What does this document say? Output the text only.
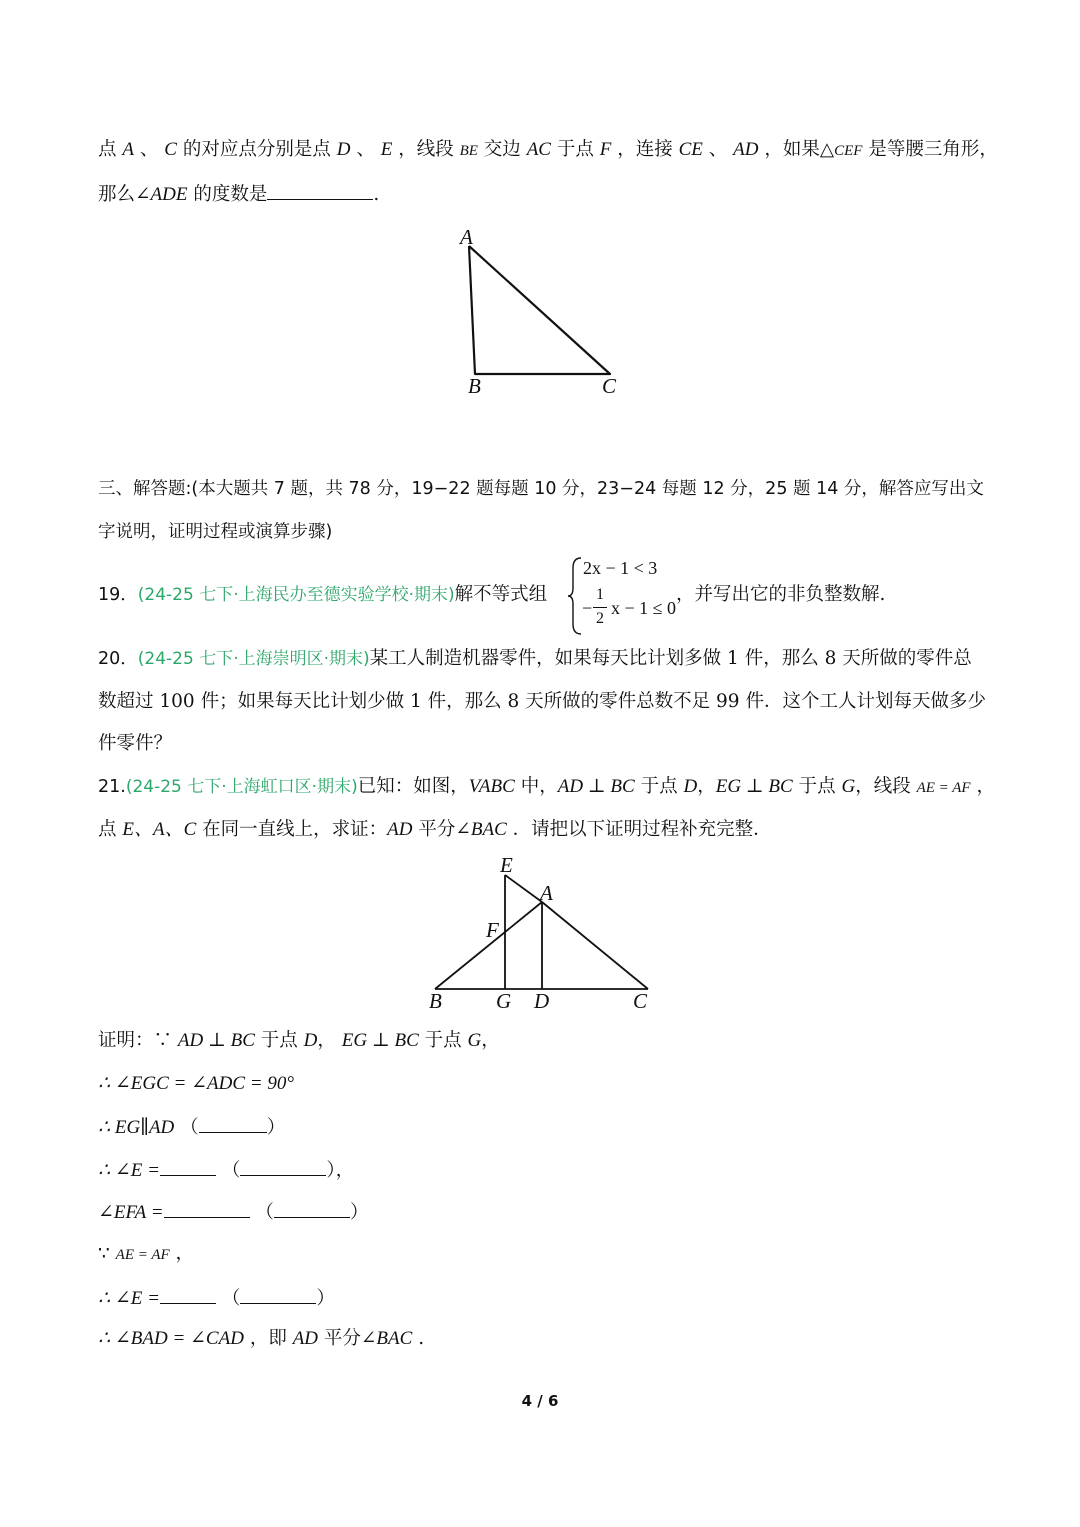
点 A 、 C 的对应点分别是点 D 、 E ，线段 BE 交边 AC 于点 F ，连接 CE 、 AD ，如果△CEF 是等腰三角形，
那么∠ADE 的度数是	.
A
B	C
三、解答题:(本大题共 7 题，共 78 分，19−22 题每题 10 分，23−24 每题 12 分，25 题 14 分，解答应写出文
字说明，证明过程或演算步骤)
19．(24-25 七下·上海民办至德实验学校·期末)解不等式组
2x − 1 < 3
−
1
2
x − 1 ≤ 0
，并写出它的非负整数解.
20．(24-25 七下·上海崇明区·期末)某工人制造机器零件，如果每天比计划多做 1 件，那么 8 天所做的零件总
数超过 100 件；如果每天比计划少做 1 件，那么 8 天所做的零件总数不足 99 件．这个工人计划每天做多少
件零件？
21.(24-25 七下·上海虹口区·期末)已知：如图，VABC 中，AD ⊥ BC 于点 D，EG ⊥ BC 于点 G，线段 AE = AF ，
点 E、A、C 在同一直线上，求证：AD 平分∠BAC ．请把以下证明过程补充完整．
E
A
F
B	G D	C
证明：∵ AD ⊥ BC 于点 D， EG ⊥ BC 于点 G，
∴ ∠EGC = ∠ADC = 90°
∴ EG∥AD （	）
∴ ∠E =	（	），
∠EFA =	（	）
∵ AE = AF ，
∴ ∠E =	（	）
∴ ∠BAD = ∠CAD ，即 AD 平分∠BAC .
4 / 6
